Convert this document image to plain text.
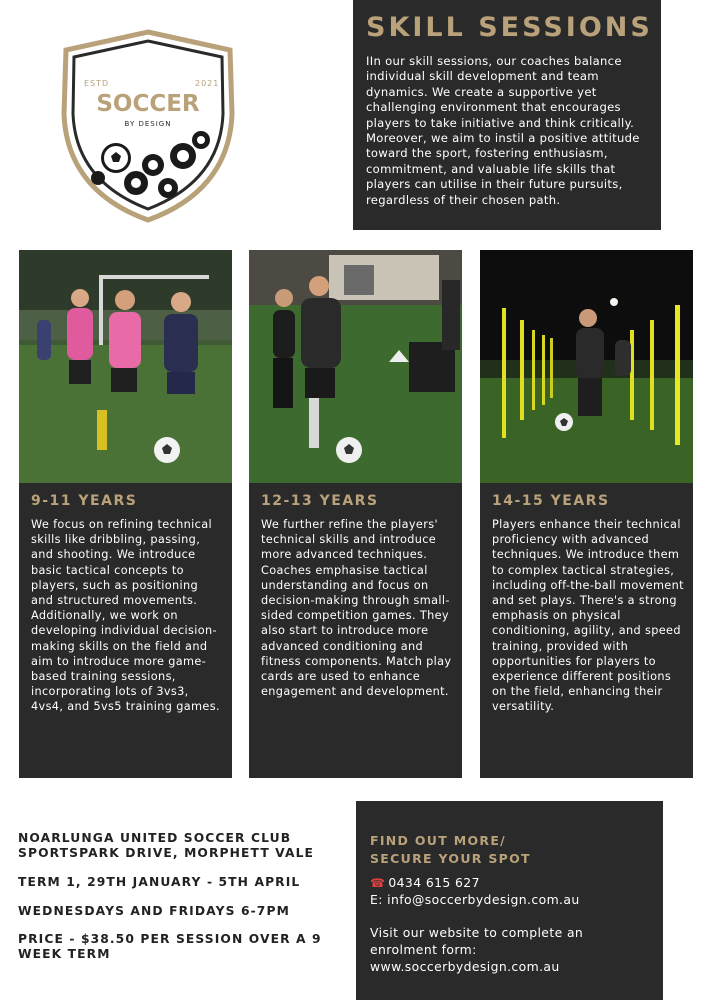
ESTD	2021
SOCCER
BY DESIGN
SKILL SESSIONS
IIn our skill sessions, our coaches balance individual skill development and team dynamics. We create a supportive yet challenging environment that encourages players to take initiative and think critically. Moreover, we aim to instil a positive attitude toward the sport, fostering enthusiasm, commitment, and valuable life skills that players can utilise in their future pursuits, regardless of their chosen path.
9-11 YEARS
We focus on refining technical skills like dribbling, passing, and shooting. We introduce basic tactical concepts to players, such as positioning and structured movements. Additionally, we work on developing individual decision-making skills on the field and aim to introduce more game-based training sessions, incorporating lots of 3vs3, 4vs4, and 5vs5 training games.
12-13 YEARS
We further refine the players' technical skills and introduce more advanced techniques. Coaches emphasise tactical understanding and focus on decision-making through small-sided competition games. They also start to introduce more advanced conditioning and fitness components. Match play cards are used to enhance engagement and development.
14-15 YEARS
Players enhance their technical proficiency with advanced techniques. We introduce them to complex tactical strategies, including off-the-ball movement and set plays. There's a strong emphasis on physical conditioning, agility, and speed training, provided with opportunities for players to experience different positions on the field, enhancing their versatility.
NOARLUNGA UNITED SOCCER CLUB
SPORTSPARK DRIVE, MORPHETT VALE
TERM 1, 29TH JANUARY - 5TH APRIL
WEDNESDAYS AND FRIDAYS 6-7PM
PRICE - $38.50 PER SESSION OVER A 9
WEEK TERM
FIND OUT MORE/
SECURE YOUR SPOT
☎ 0434 615 627
E: info@soccerbydesign.com.au
Visit our website to complete an
enrolment form:
www.soccerbydesign.com.au
